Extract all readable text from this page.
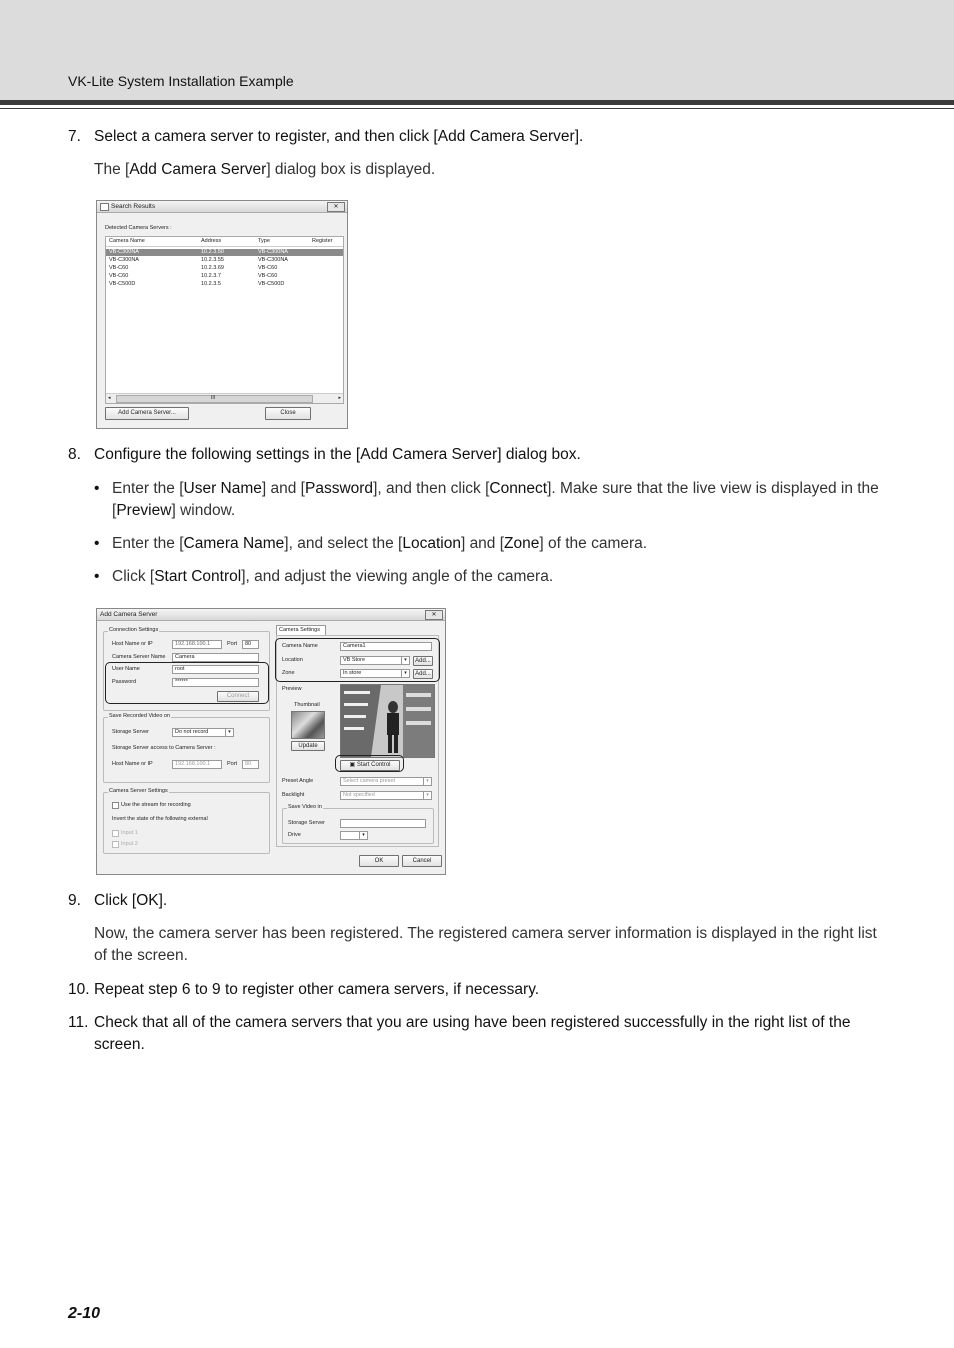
VK-Lite System Installation Example
7. Select a camera server to register, and then click [Add Camera Server].
The [Add Camera Server] dialog box is displayed.
Search Results	✕
Detected Camera Servers :
Camera Name	Address	Type	Register
VB-C300NA	10.2.3.50	VB-C300NA
VB-C300NA	10.2.3.55	VB-C300NA
VB-C60	10.2.3.69	VB-C60
VB-C60	10.2.3.7	VB-C60
VB-C500D	10.2.3.5	VB-C500D
◂	III	▸
Add Camera Server...	Close
8. Configure the following settings in the [Add Camera Server] dialog box.
• Enter the [User Name] and [Password], and then click [Connect]. Make sure that the live view is displayed in the [Preview] window.
• Enter the [Camera Name], and select the [Location] and [Zone] of the camera.
• Click [Start Control], and adjust the viewing angle of the camera.
Add Camera Server	✕
Connection Settings
Host Name or IP	192.168.100.1	Port	80
Camera Server Name	Camera
User Name	root
Password	******
Connect
Save Recorded Video on
Storage Server	Do not record	▾
Storage Server access to Camera Server :
Host Name or IP	192.168.100.1	Port	80
Camera Server Settings
Use the stream for recording
Invert the state of the following external
Input 1
Input 2
Camera Settings
Camera Name	Camera1
Location	VB Store	▾	Add...
Zone	In store	▾	Add...
Preview
Thumbnail
Update
▣ Start Control
Preset Angle	Select camera preset	▾
Backlight	Not specified	▾
Save Video in
Storage Server
Drive	▾
OK	Cancel
9. Click [OK].
Now, the camera server has been registered. The registered camera server information is displayed in the right list of the screen.
10. Repeat step 6 to 9 to register other camera servers, if necessary.
11. Check that all of the camera servers that you are using have been registered successfully in the right list of the screen.
2-10
